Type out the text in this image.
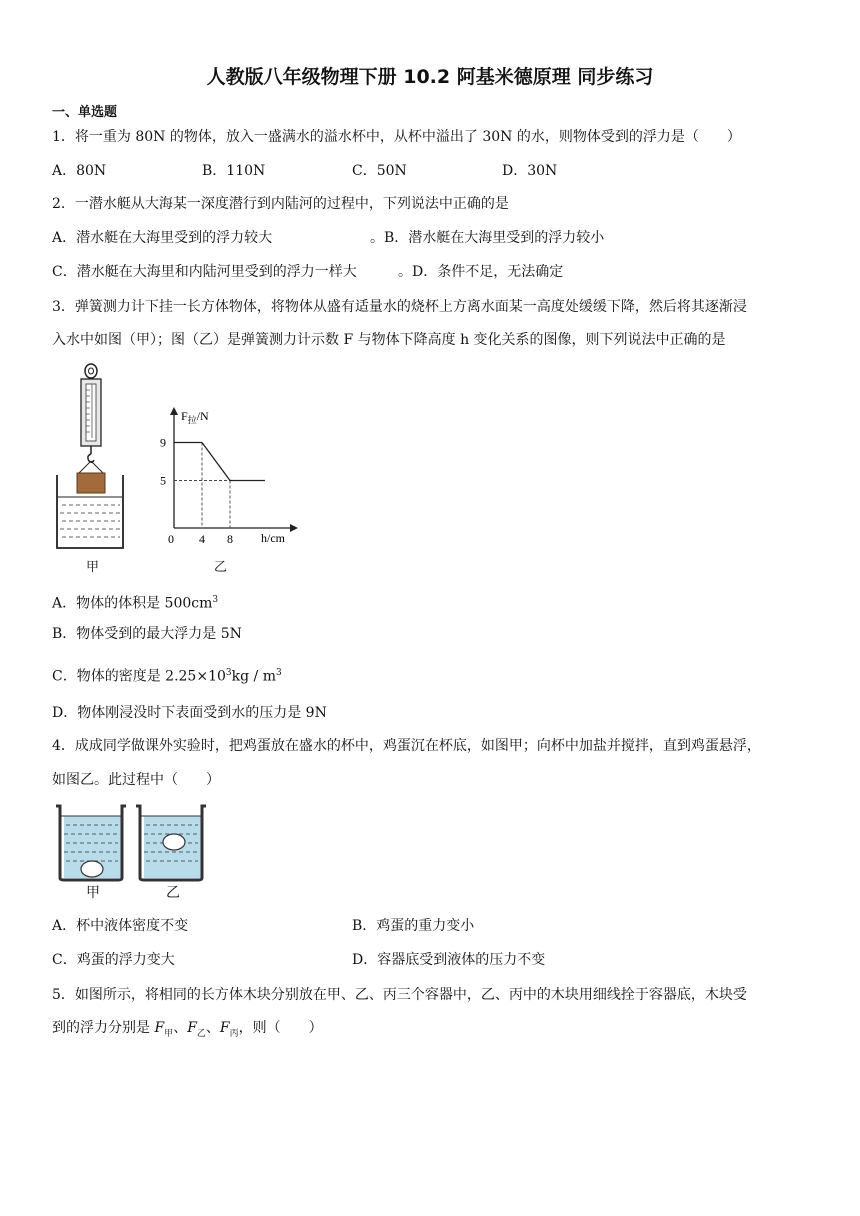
人教版八年级物理下册 10.2 阿基米德原理 同步练习
一、单选题
1．将一重为 80N 的物体，放入一盛满水的溢水杯中，从杯中溢出了 30N 的水，则物体受到的浮力是（　　）
A．80N	B．110N	C．50N	D．30N
2．一潜水艇从大海某一深度潜行到内陆河的过程中，下列说法中正确的是
A．潜水艇在大海里受到的浮力较大	。B．潜水艇在大海里受到的浮力较小
C．潜水艇在大海里和内陆河里受到的浮力一样大	。D．条件不足，无法确定
3．弹簧测力计下挂一长方体物体，将物体从盛有适量水的烧杯上方离水面某一高度处缓缓下降，然后将其逐渐浸
入水中如图（甲）；图（乙）是弹簧测力计示数 F 与物体下降高度 h 变化关系的图像，则下列说法中正确的是
甲
0 4 8
9
5
$F_拉/N$
h/cm
乙
A．物体的体积是 $500cm^3$
B．物体受到的最大浮力是 5N
C．物体的密度是 $2.25\times 10^3kg / m^3$
D．物体刚浸没时下表面受到水的压力是 9N
4．成成同学做课外实验时，把鸡蛋放在盛水的杯中，鸡蛋沉在杯底，如图甲；向杯中加盐并搅拌，直到鸡蛋悬浮，
如图乙。此过程中（　　）
甲	乙
A．杯中液体密度不变	B．鸡蛋的重力变小
C．鸡蛋的浮力变大	D．容器底受到液体的压力不变
5．如图所示，将相同的长方体木块分别放在甲、乙、丙三个容器中，乙、丙中的木块用细线拴于容器底，木块受
到的浮力分别是 $F_甲$、$F_乙$、$F_丙$，则（　　）
